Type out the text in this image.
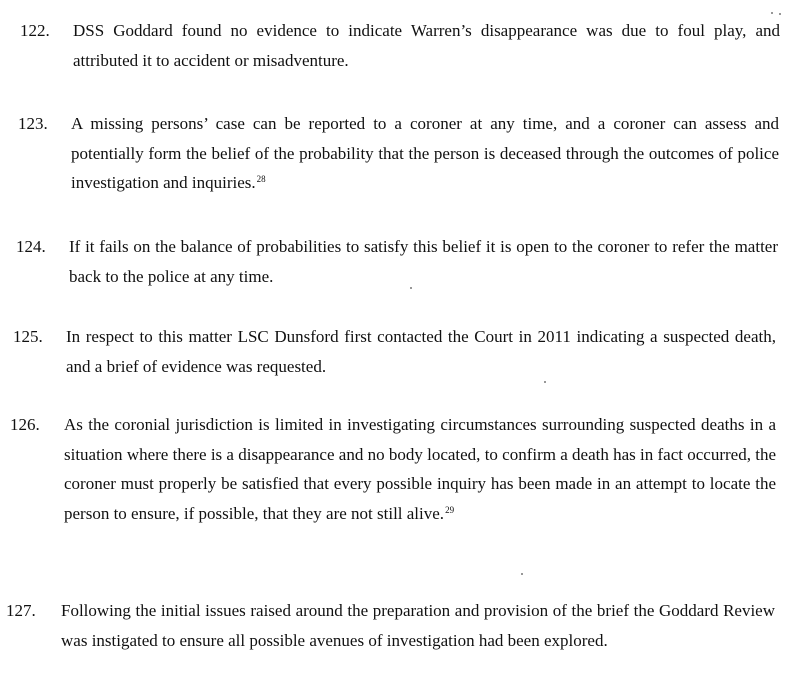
122. DSS Goddard found no evidence to indicate Warren’s disappearance was due to foul play, and attributed it to accident or misadventure.
123. A missing persons’ case can be reported to a coroner at any time, and a coroner can assess and potentially form the belief of the probability that the person is deceased through the outcomes of police investigation and inquiries.$^{28}$
124. If it fails on the balance of probabilities to satisfy this belief it is open to the coroner to refer the matter back to the police at any time.
125. In respect to this matter LSC Dunsford first contacted the Court in 2011 indicating a suspected death, and a brief of evidence was requested.
126. As the coronial jurisdiction is limited in investigating circumstances surrounding suspected deaths in a situation where there is a disappearance and no body located, to confirm a death has in fact occurred, the coroner must properly be satisfied that every possible inquiry has been made in an attempt to locate the person to ensure, if possible, that they are not still alive.$^{29}$
127. Following the initial issues raised around the preparation and provision of the brief the Goddard Review was instigated to ensure all possible avenues of investigation had been explored.
